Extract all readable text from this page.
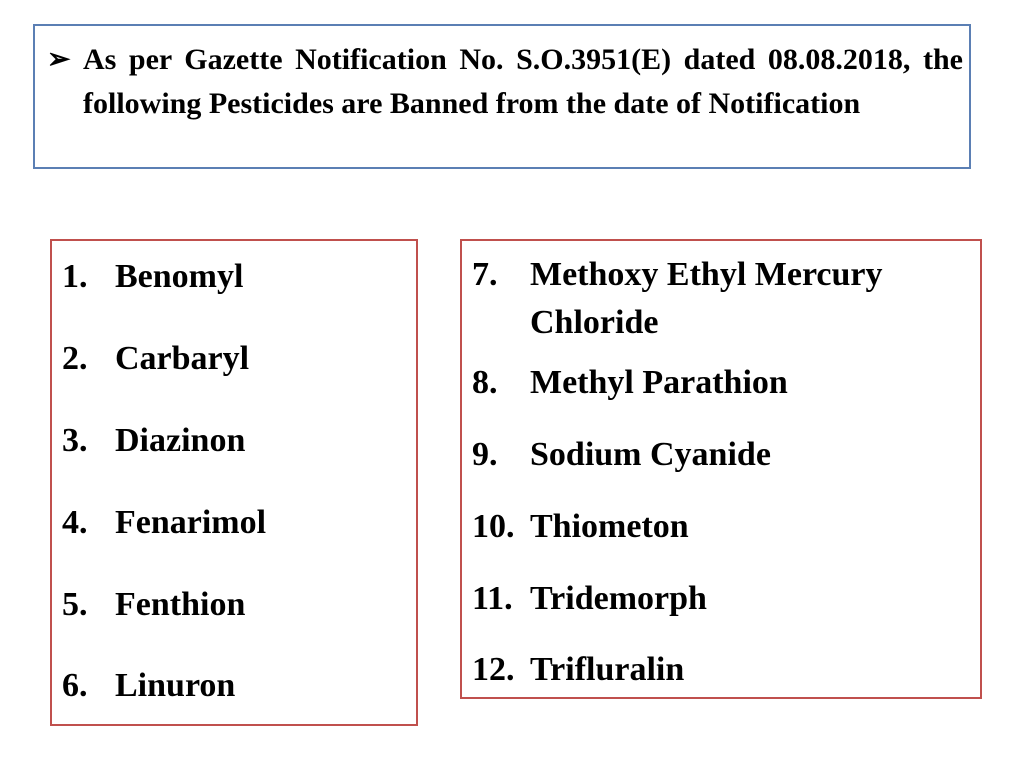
➢ As per Gazette Notification No. S.O.3951(E) dated 08.08.2018, the following Pesticides are Banned from the date of Notification

1. Benomyl
2. Carbaryl
3. Diazinon
4. Fenarimol
5. Fenthion
6. Linuron
7. Methoxy Ethyl Mercury
Chloride
8. Methyl Parathion
9. Sodium Cyanide
10. Thiometon
11. Tridemorph
12. Trifluralin
